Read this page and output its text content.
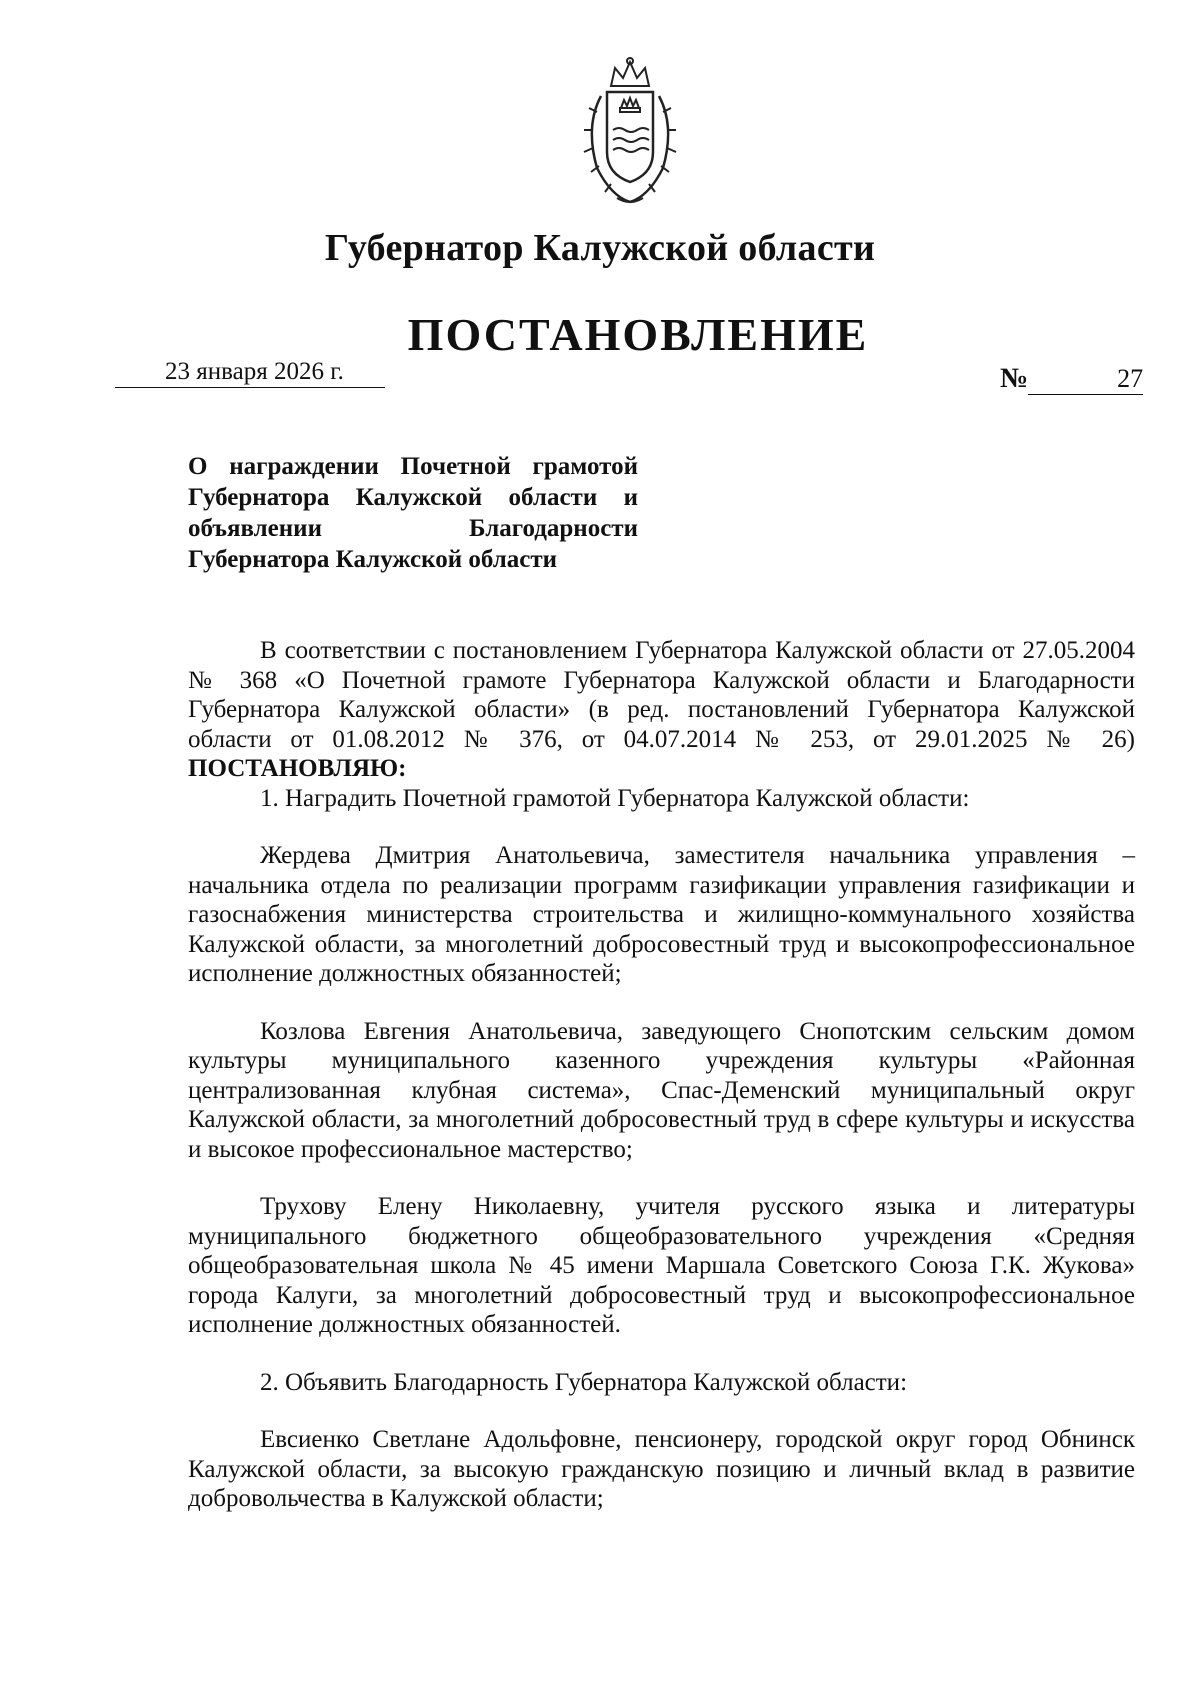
Губернатор Калужской области
ПОСТАНОВЛЕНИЕ
23 января 2026 г.	№	27
О награждении Почетной грамотой Губернатора Калужской области и объявлении Благодарности Губернатора Калужской области

В соответствии с постановлением Губернатора Калужской области от 27.05.2004 № 368 «О Почетной грамоте Губернатора Калужской области и Благодарности Губернатора Калужской области» (в ред. постановлений Губернатора Калужской области от 01.08.2012 № 376, от 04.07.2014 № 253, от 29.01.2025 № 26) ПОСТАНОВЛЯЮ:

1. Наградить Почетной грамотой Губернатора Калужской области:

Жердева Дмитрия Анатольевича, заместителя начальника управления – начальника отдела по реализации программ газификации управления газификации и газоснабжения министерства строительства и жилищно-коммунального хозяйства Калужской области, за многолетний добросовестный труд и высокопрофессиональное исполнение должностных обязанностей;

Козлова Евгения Анатольевича, заведующего Снопотским сельским домом культуры муниципального казенного учреждения культуры «Районная централизованная клубная система», Спас-Деменский муниципальный округ Калужской области, за многолетний добросовестный труд в сфере культуры и искусства и высокое профессиональное мастерство;

Трухову Елену Николаевну, учителя русского языка и литературы муниципального бюджетного общеобразовательного учреждения «Средняя общеобразовательная школа № 45 имени Маршала Советского Союза Г.К. Жукова» города Калуги, за многолетний добросовестный труд и высокопрофессиональное исполнение должностных обязанностей.

2. Объявить Благодарность Губернатора Калужской области:

Евсиенко Светлане Адольфовне, пенсионеру, городской округ город Обнинск Калужской области, за высокую гражданскую позицию и личный вклад в развитие добровольчества в Калужской области;
